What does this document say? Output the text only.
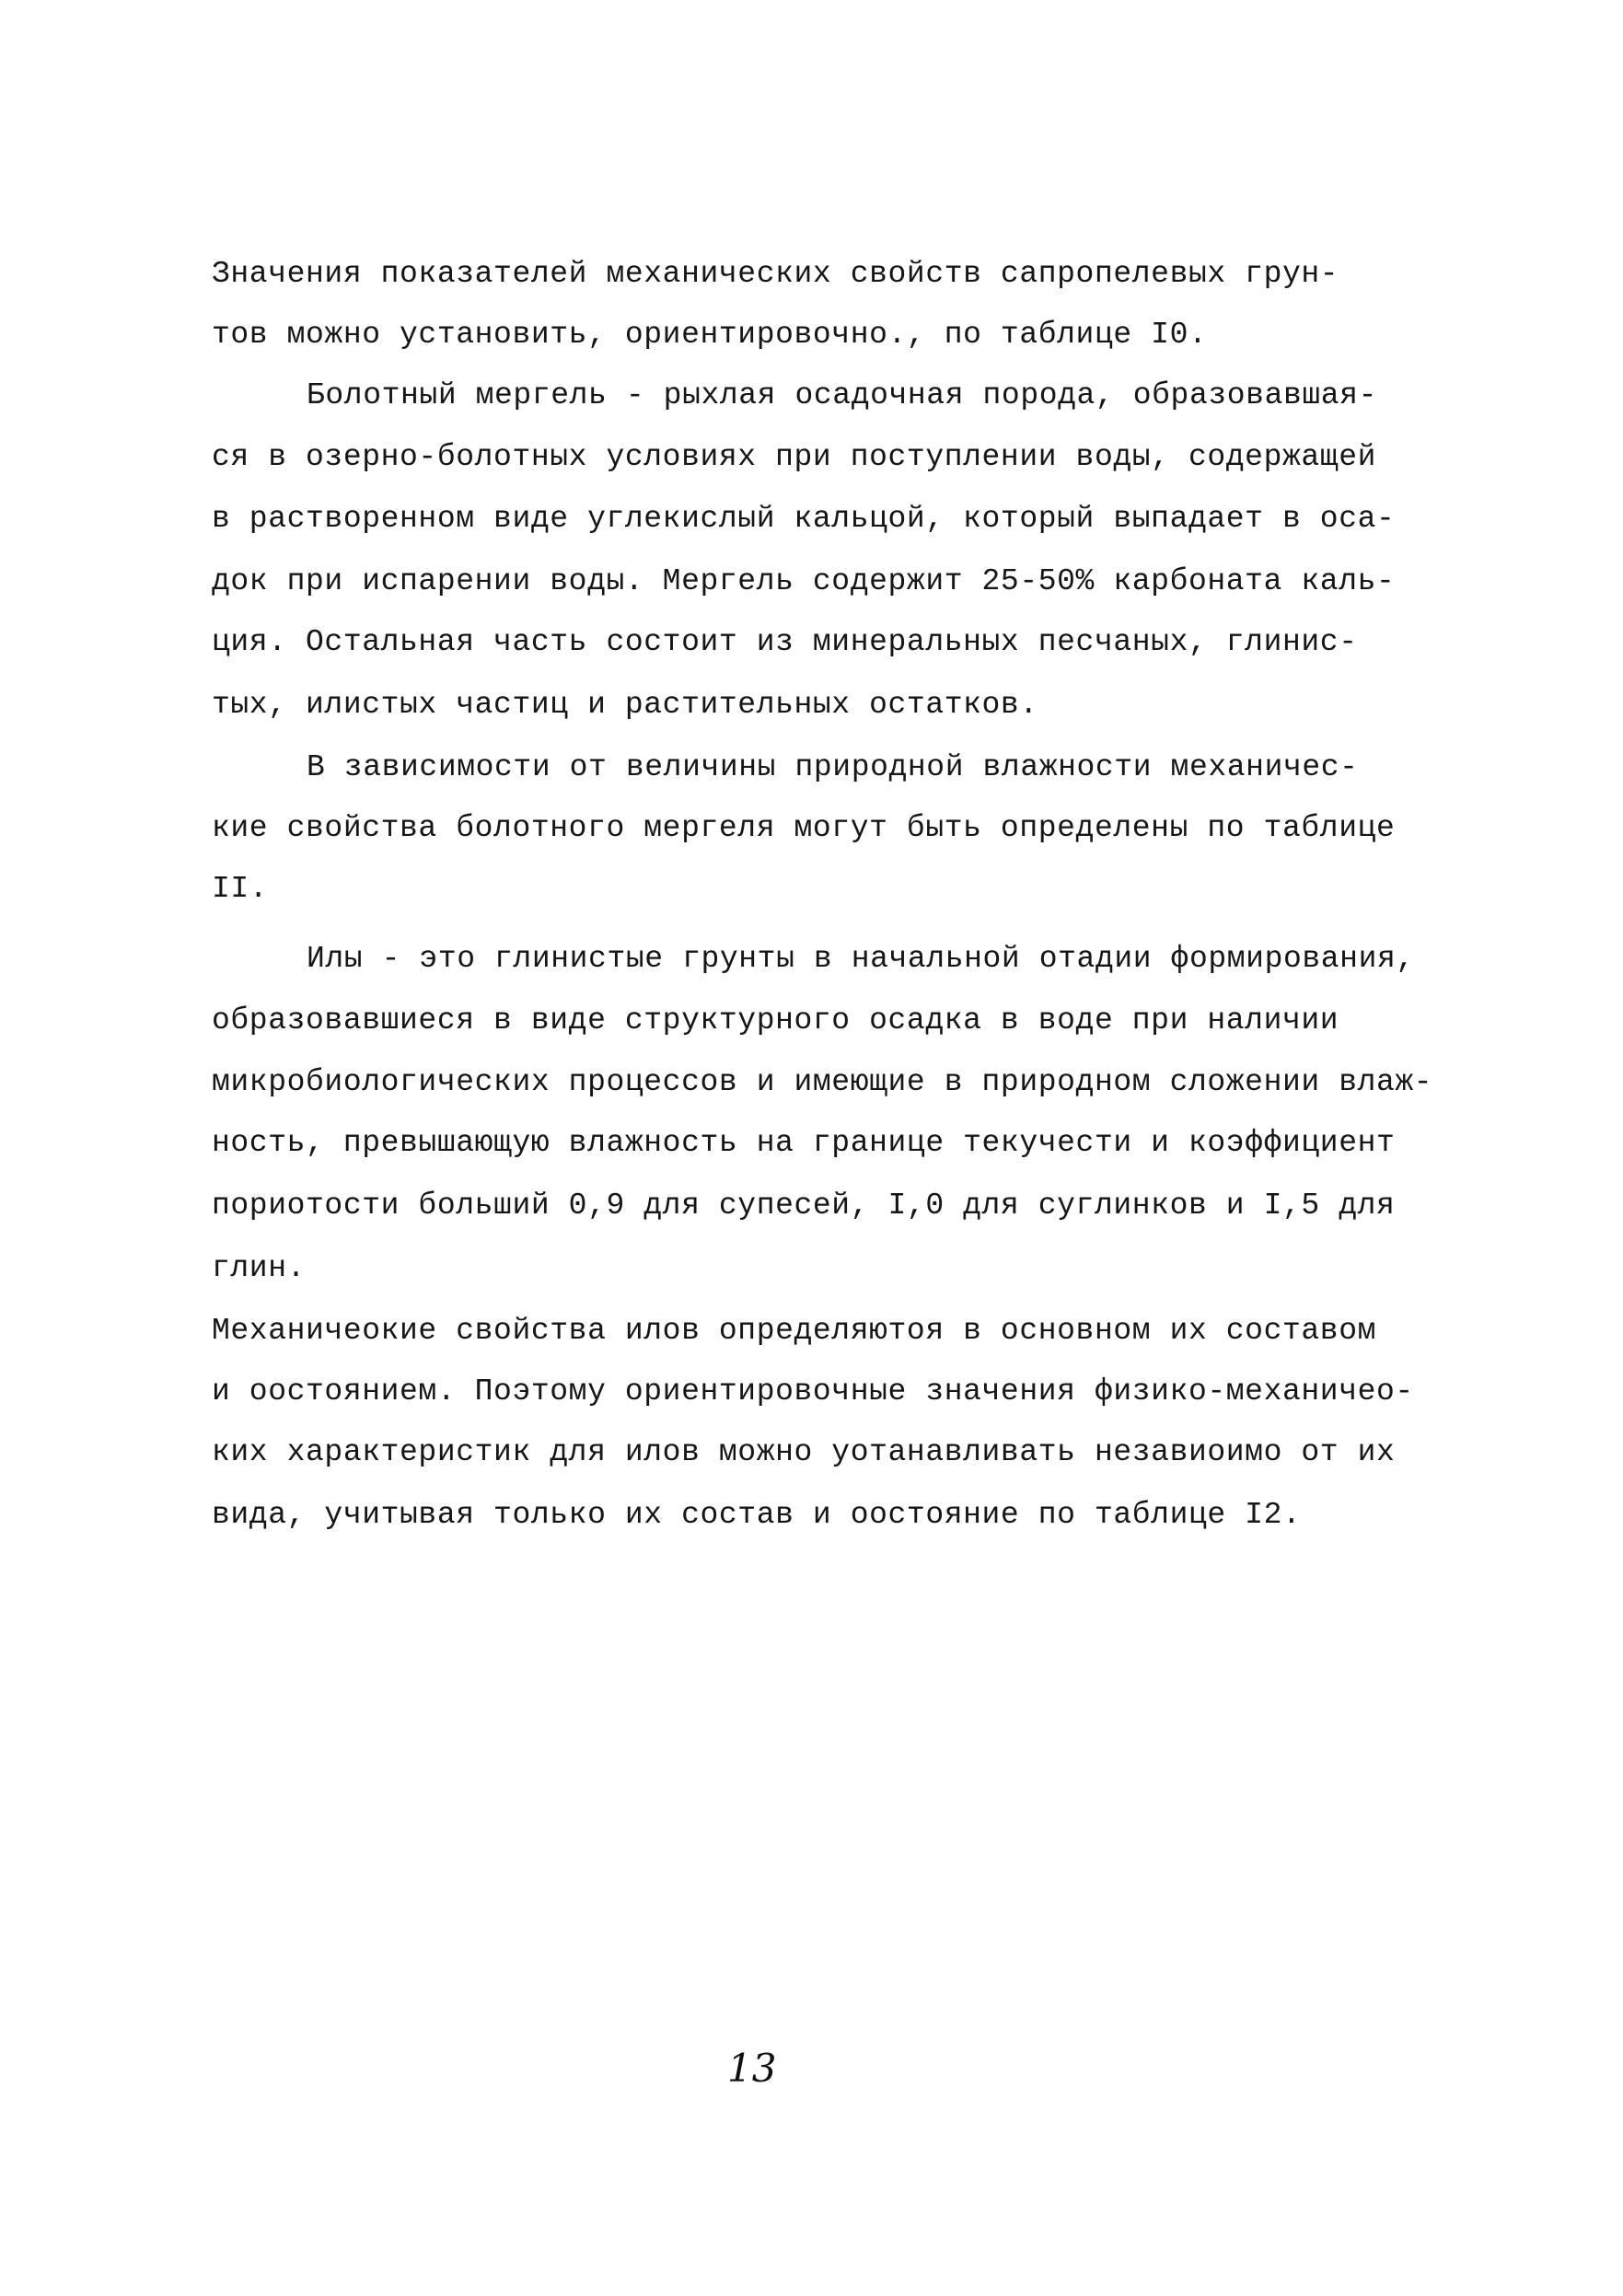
Значения показателей механических свойств сапропелевых грун-
тов можно установить, ориентировочно., по таблице I0.
Болотный мергель - рыхлая осадочная порода, образовавшая-
ся в озерно-болотных условиях при поступлении воды, содержащей
в растворенном виде углекислый кальцой, который выпадает в оса-
док при испарении воды. Мергель содержит 25-50% карбоната каль-
ция. Остальная часть состоит из минеральных песчаных, глинис-
тых, илистых частиц и растительных остатков.
В зависимости от величины природной влажности механичес-
кие свойства болотного мергеля могут быть определены по таблице
II.
Илы - это глинистые грунты в начальной отадии формирования,
образовавшиеся в виде структурного осадка в воде при наличии
микробиологических процессов и имеющие в природном сложении влаж-
ность, превышающую влажность на границе текучести и коэффициент
пориотости больший 0,9 для супесей, I,0 для суглинков и I,5 для
глин.
Механичеокие свойства илов определяютоя в основном их составом
и оостоянием. Поэтому ориентировочные значения физико-механичео-
ких характеристик для илов можно уотанавливать незавиоимо от их
вида, учитывая только их состав и оостояние по таблице I2.
13
